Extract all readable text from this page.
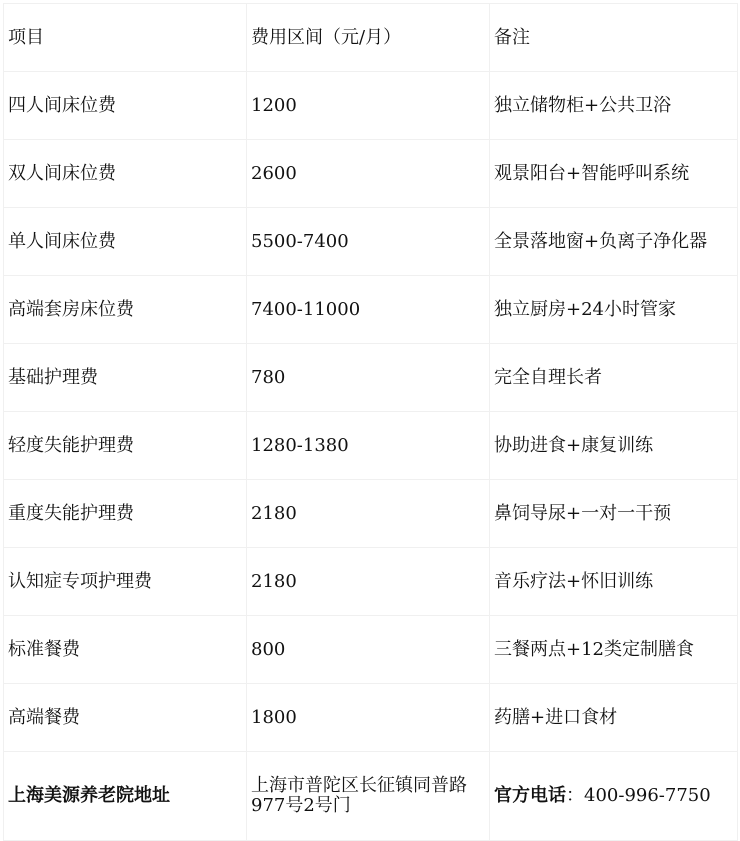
项目	费用区间（元/月）	备注
四人间床位费	1200	独立储物柜+公共卫浴
双人间床位费	2600	观景阳台+智能呼叫系统
单人间床位费	5500-7400	全景落地窗+负离子净化器
高端套房床位费	7400-11000	独立厨房+24小时管家
基础护理费	780	完全自理长者
轻度失能护理费	1280-1380	协助进食+康复训练
重度失能护理费	2180	鼻饲导尿+一对一干预
认知症专项护理费	2180	音乐疗法+怀旧训练
标准餐费	800	三餐两点+12类定制膳食
高端餐费	1800	药膳+进口食材
上海美源养老院地址	上海市普陀区长征镇同普路977号2号门	官方电话：400-996-7750
